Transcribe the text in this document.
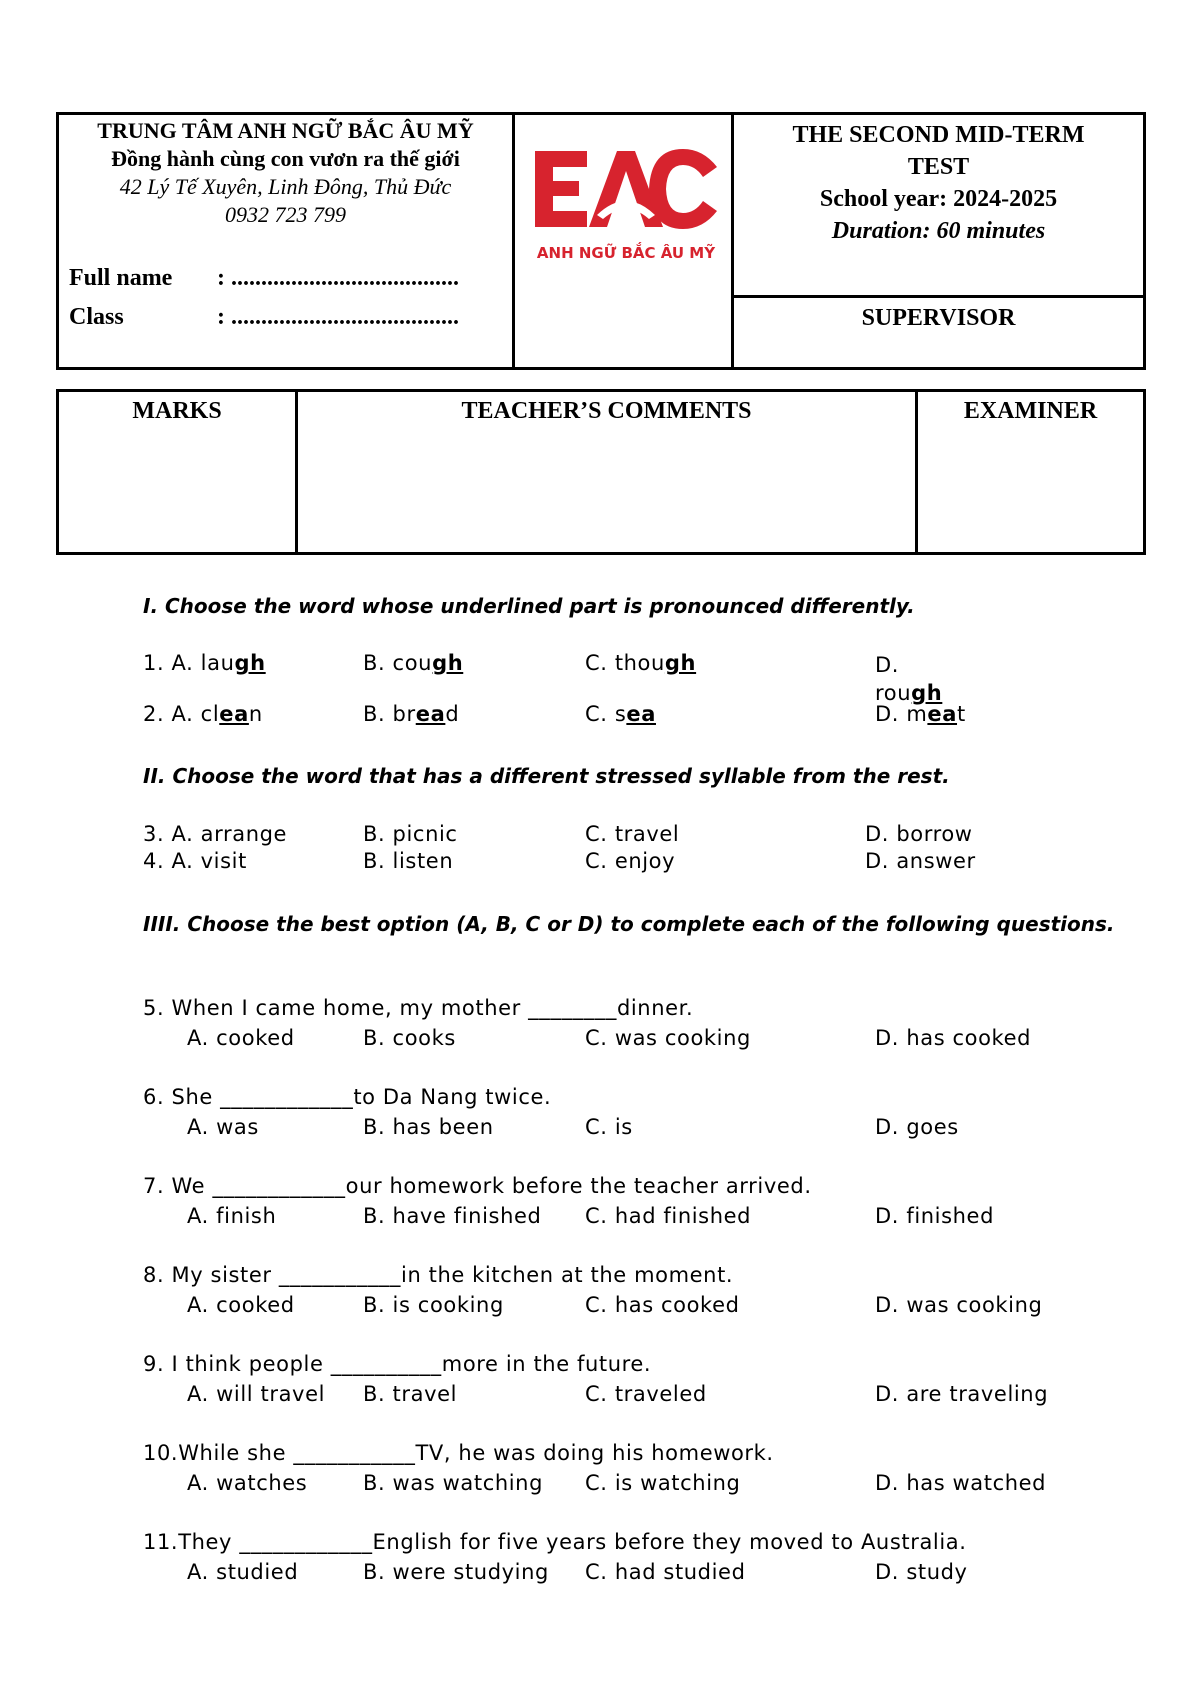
TRUNG TÂM ANH NGỮ BẮC ÂU MỸ
Đồng hành cùng con vươn ra thế giới
42 Lý Tế Xuyên, Linh Đông, Thủ Đức
0932 723 799
Full name : ......................................
Class	: ......................................
ANH NGỮ BẮC ÂU MỸ
THE SECOND MID-TERM
TEST
School year: 2024-2025
Duration: 60 minutes
SUPERVISOR
MARKS	TEACHER’S COMMENTS	EXAMINER
I. Choose the word whose underlined part is pronounced differently.
1. A. laugh	B. cough	C. though	D.
rough
2. A. clean	B. bread	C. sea	D. meat
II. Choose the word that has a different stressed syllable from the rest.
3. A. arrange	B. picnic	C. travel	D. borrow
4. A. visit	B. listen	C. enjoy	D. answer
IIII. Choose the best option (A, B, C or D) to complete each of the following questions.
5. When I came home, my mother ________dinner.
A. cooked	B. cooks	C. was cooking	D. has cooked
6. She ____________to Da Nang twice.
A. was	B. has been	C. is	D. goes
7. We ____________our homework before the teacher arrived.
A. finish	B. have finished C. had finished	D. finished
8. My sister ___________in the kitchen at the moment.
A. cooked	B. is cooking	C. has cooked	D. was cooking
9. I think people __________more in the future.
A. will travel B. travel	C. traveled	D. are traveling
10.While she ___________TV, he was doing his homework.
A. watches	B. was watching C. is watching	D. has watched
11.They ____________English for five years before they moved to Australia.
A. studied	B. were studying C. had studied	D. study
